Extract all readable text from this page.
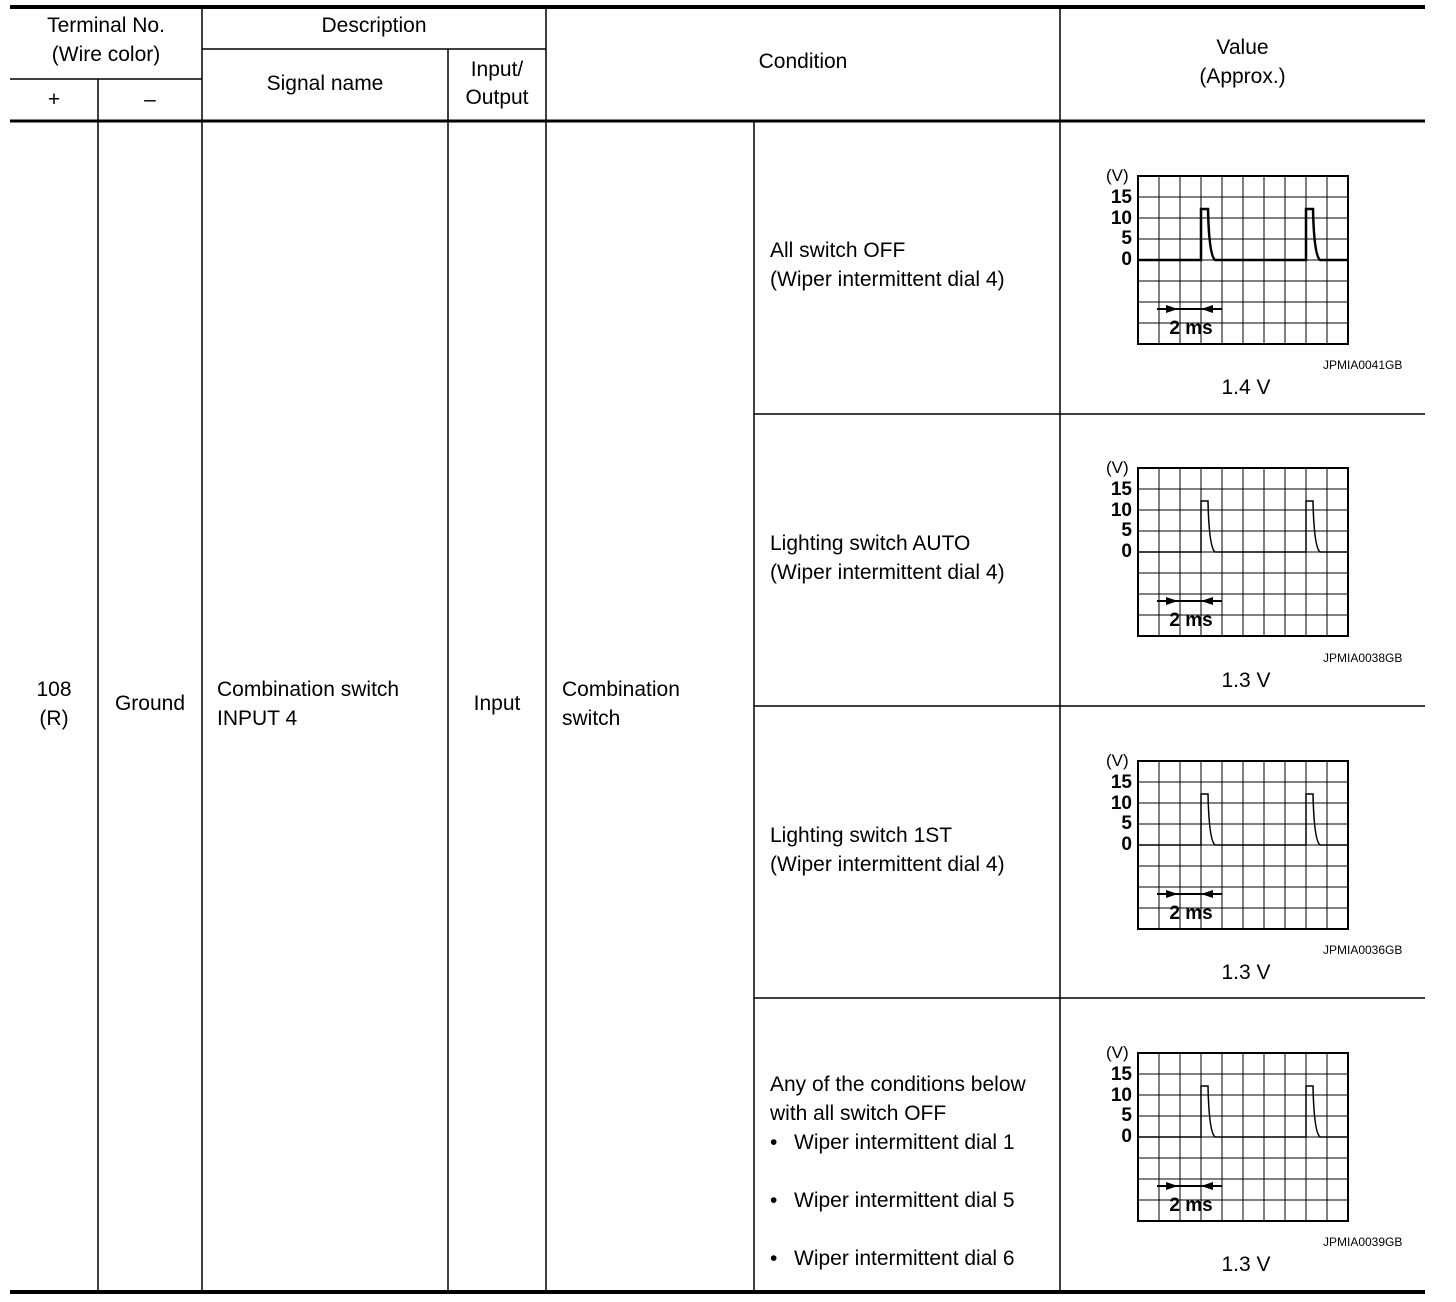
(V)
15
10
5
0
2 ms
(V)
15
10
5
0
2 ms
(V)
15
10
5
0
2 ms
(V)
15
10
5
0
2 ms
Terminal No.
(Wire color)
+	–
Description
Signal name
Input/
Output
Condition
Value
(Approx.)
108
(R)
Ground
Combination switch
INPUT 4
Input
Combination
switch
All switch OFF
(Wiper intermittent dial 4)
Lighting switch AUTO
(Wiper intermittent dial 4)
Lighting switch 1ST
(Wiper intermittent dial 4)
Any of the conditions below
with all switch OFF
• Wiper intermittent dial 1
• Wiper intermittent dial 5
• Wiper intermittent dial 6
JPMIA0041GB
1.4 V
JPMIA0038GB
1.3 V
JPMIA0036GB
1.3 V
JPMIA0039GB
1.3 V
